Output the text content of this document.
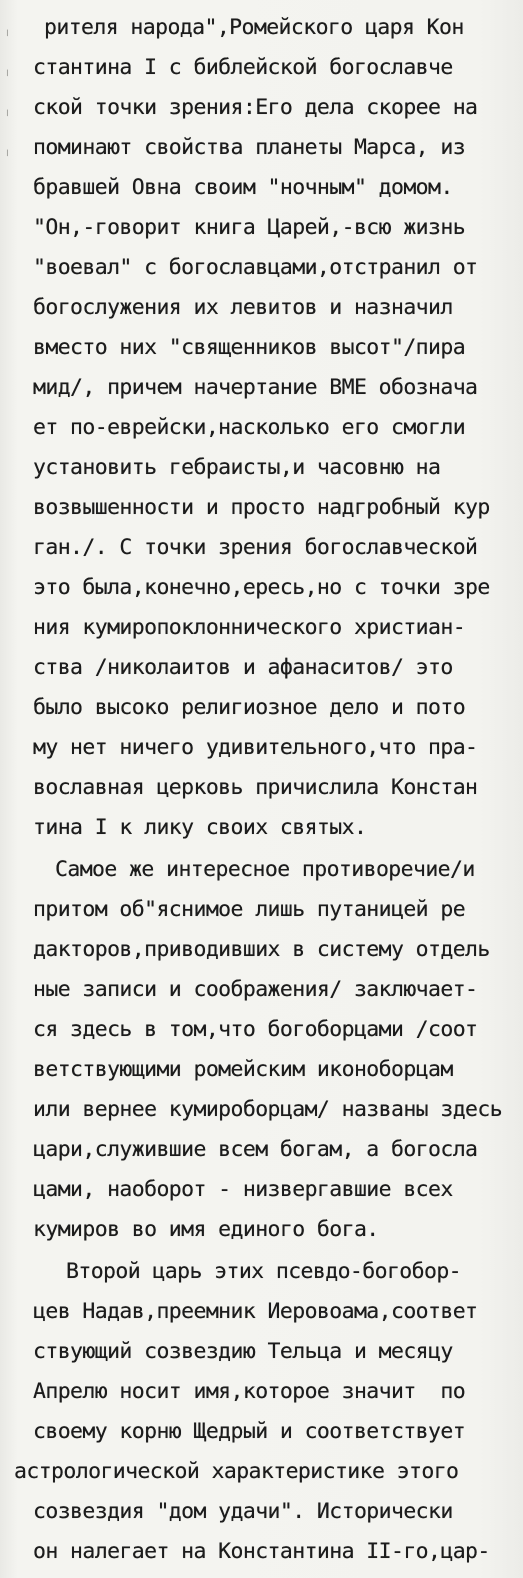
╵
╵
╵
╵
рителя народа",Ромейского царя Кон
стантина I с библейской богославче
ской точки зрения:Его дела скорее на
поминают свойства планеты Марса, из
бравшей Овна своим "ночным" домом.
"Он,-говорит книга Царей,-всю жизнь
"воевал" с богославцами,отстранил от
богослужения их левитов и назначил
вместо них "священников высот"/пира
мид/, причем начертание ВМЕ обознача
ет по-еврейски,насколько его смогли
установить гебраисты,и часовню на
возвышенности и просто надгробный кур
ган./. С точки зрения богославческой
это была,конечно,ересь,но с точки зре
ния кумиропоклоннического христиан-
ства /николаитов и афанаситов/ это
было высоко религиозное дело и пото
му нет ничего удивительного,что пра-
вославная церковь причислила Констан
тина I к лику своих святых.
Самое же интересное противоречие/и
притом об"яснимое лишь путаницей ре
дакторов,приводивших в систему отдель
ные записи и соображения/ заключает-
ся здесь в том,что богоборцами /соот
ветствующими ромейским иконоборцам
или вернее кумироборцам/ названы здесь
цари,служившие всем богам, а богосла
цами, наоборот - низвергавшие всех
кумиров во имя единого бога.
Второй царь этих псевдо-богобор-
цев Надав,преемник Иеровоама,соответ
ствующий созвездию Тельца и месяцу
Апрелю носит имя,которое значит  по
своему корню Щедрый и соответствует
астрологической характеристике этого
созвездия "дом удачи". Исторически
он налегает на Константина II-го,цар-
